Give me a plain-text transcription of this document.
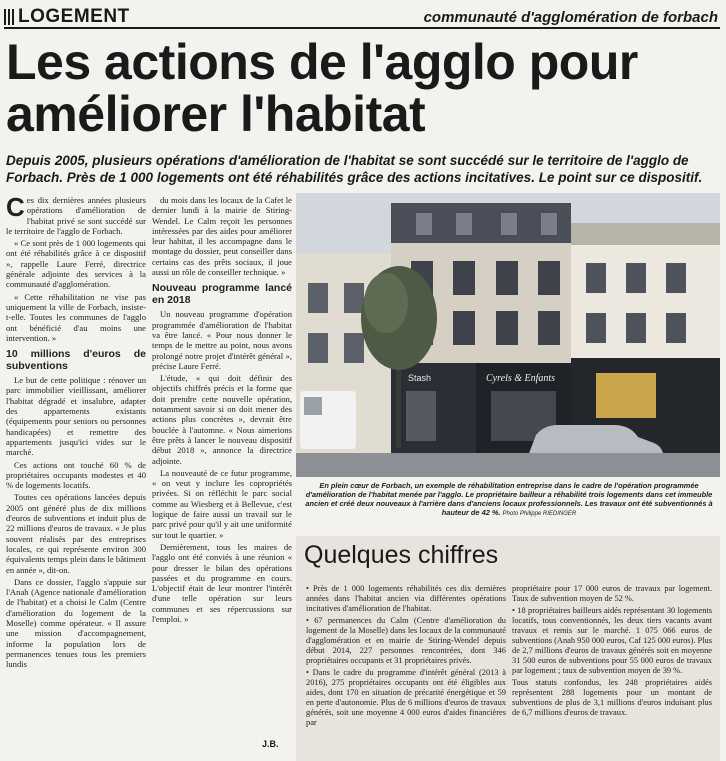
LOGEMENT	communauté d'agglomération de forbach
Les actions de l'agglo pour améliorer l'habitat

Depuis 2005, plusieurs opérations d'amélioration de l'habitat se sont succédé sur le territoire de l'agglo de Forbach. Près de 1 000 logements ont été réhabilités grâce des actions incitatives. Le point sur ce dispositif.

Ces dix dernières années plusieurs opérations d'amélioration de l'habitat privé se sont succédé sur le territoire de l'agglo de Forbach.

« Ce sont près de 1 000 logements qui ont été réhabilités grâce à ce dispositif », rappelle Laure Ferré, directrice générale adjointe des services à la communauté d'agglomération.

« Cette réhabilitation ne vise pas uniquement la ville de Forbach, insiste-t-elle. Toutes les communes de l'agglo ont bénéficié d'au moins une intervention. »

10 millions d'euros de subventions

Le but de cette politique : rénover un parc immobilier vieillissant, améliorer l'habitat dégradé et insalubre, adapter des appartements existants (équipements pour seniors ou personnes handicapées) et remettre des appartements jusqu'ici vides sur le marché.

Ces actions ont touché 60 % de propriétaires occupants modestes et 40 % de logements locatifs.

Toutes ces opérations lancées depuis 2005 ont généré plus de dix millions d'euros de subventions et induit plus de 22 millions d'euros de travaux. « Je plus souvent réalisés par des entreprises locales, ce qui représente environ 300 équivalents temps plein dans le bâtiment en année », dit-on.

Dans ce dossier, l'agglo s'appuie sur l'Anah (Agence nationale d'amélioration de l'habitat) et a choisi le Calm (Centre d'amélioration du logement de la Moselle) comme opérateur. « Il assure une mission d'accompagnement, informe la population lors de permanences tenues tous les premiers lundis

du mois dans les locaux de la Cafet le dernier lundi à la mairie de Stiring-Wendel. Le Calm reçoit les personnes intéressées par des aides pour améliorer leur habitat, il les accompagne dans le montage du dossier, peut conseiller dans certains cas des prêts sociaux, il joue aussi un rôle de conseiller technique. »

Nouveau programme lancé en 2018

Un nouveau programme d'opération programmée d'amélioration de l'habitat va être lancé. « Pour nous donner le temps de le mettre au point, nous avons prolongé notre projet d'intérêt général », précise Laure Ferré.

L'étude, « qui doit définir des objectifs chiffrés précis et la forme que doit prendre cette nouvelle opération, notamment savoir si on doit mener des actions plus concrètes », devrait être bouclée à l'automne. « Nous aimerions être prêts à lancer le nouveau dispositif début 2018 », annonce la directrice adjointe.

La nouveauté de ce futur programme, « on veut y inclure les copropriétés privées. Si on réfléchit le parc social comme au Wiesberg et à Bellevue, c'est logique de faire aussi un travail sur le parc privé pour qu'il y ait une uniformité sur tout le quartier. »

Dernièrement, tous les maires de l'agglo ont été conviés à une réunion « pour dresser le bilan des opérations passées et du programme en cours. L'objectif était de leur montrer l'intérêt d'une telle opération sur leurs communes et ses répercussions sur l'emploi. »

J.B.
Stash	Cyrels & Enfants

En plein cœur de Forbach, un exemple de réhabilitation entreprise dans le cadre de l'opération programmée d'amélioration de l'habitat menée par l'agglo. Le propriétaire bailleur a réhabilité trois logements dans cet immeuble ancien et créé deux nouveaux à l'arrière dans d'anciens locaux professionnels. Les travaux ont été subventionnés à hauteur de 42 %. Photo Philippe RIEDINGER

Quelques chiffres

• Près de 1 000 logements réhabilités ces dix dernières années dans l'habitat ancien via différentes opérations incitatives d'amélioration de l'habitat.

• 67 permanences du Calm (Centre d'amélioration du logement de la Moselle) dans les locaux de la communauté d'agglomération et en mairie de Stiring-Wendel depuis début 2014, 227 personnes rencontrées, dont 346 propriétaires occupants et 31 propriétaires privés.

• Dans le cadre du programme d'intérêt général (2013 à 2016), 275 propriétaires occupants ont été éligibles aux aides, dont 170 en situation de précarité énergétique et 59 en perte d'autonomie. Plus de 6 millions d'euros de travaux générés, soit une moyenne 4 000 euros d'aides financières par

propriétaire pour 17 000 euros de travaux par logement. Taux de subvention moyen de 52 %.

• 18 propriétaires bailleurs aidés représentant 30 logements locatifs, tous conventionnés, les deux tiers vacants avant travaux et remis sur le marché. 1 075 066 euros de subventions (Anah 950 000 euros, Caf 125 000 euros). Plus de 2,7 millions d'euros de travaux générés soit en moyenne 31 500 euros de subventions pour 55 000 euros de travaux par logement ; taux de subvention moyen de 39 %.

Tous statuts confondus, les 248 propriétaires aidés représentent 288 logements pour un montant de subventions de plus de 3,1 millions d'euros induisant plus de 6,7 millions d'euros de travaux.
